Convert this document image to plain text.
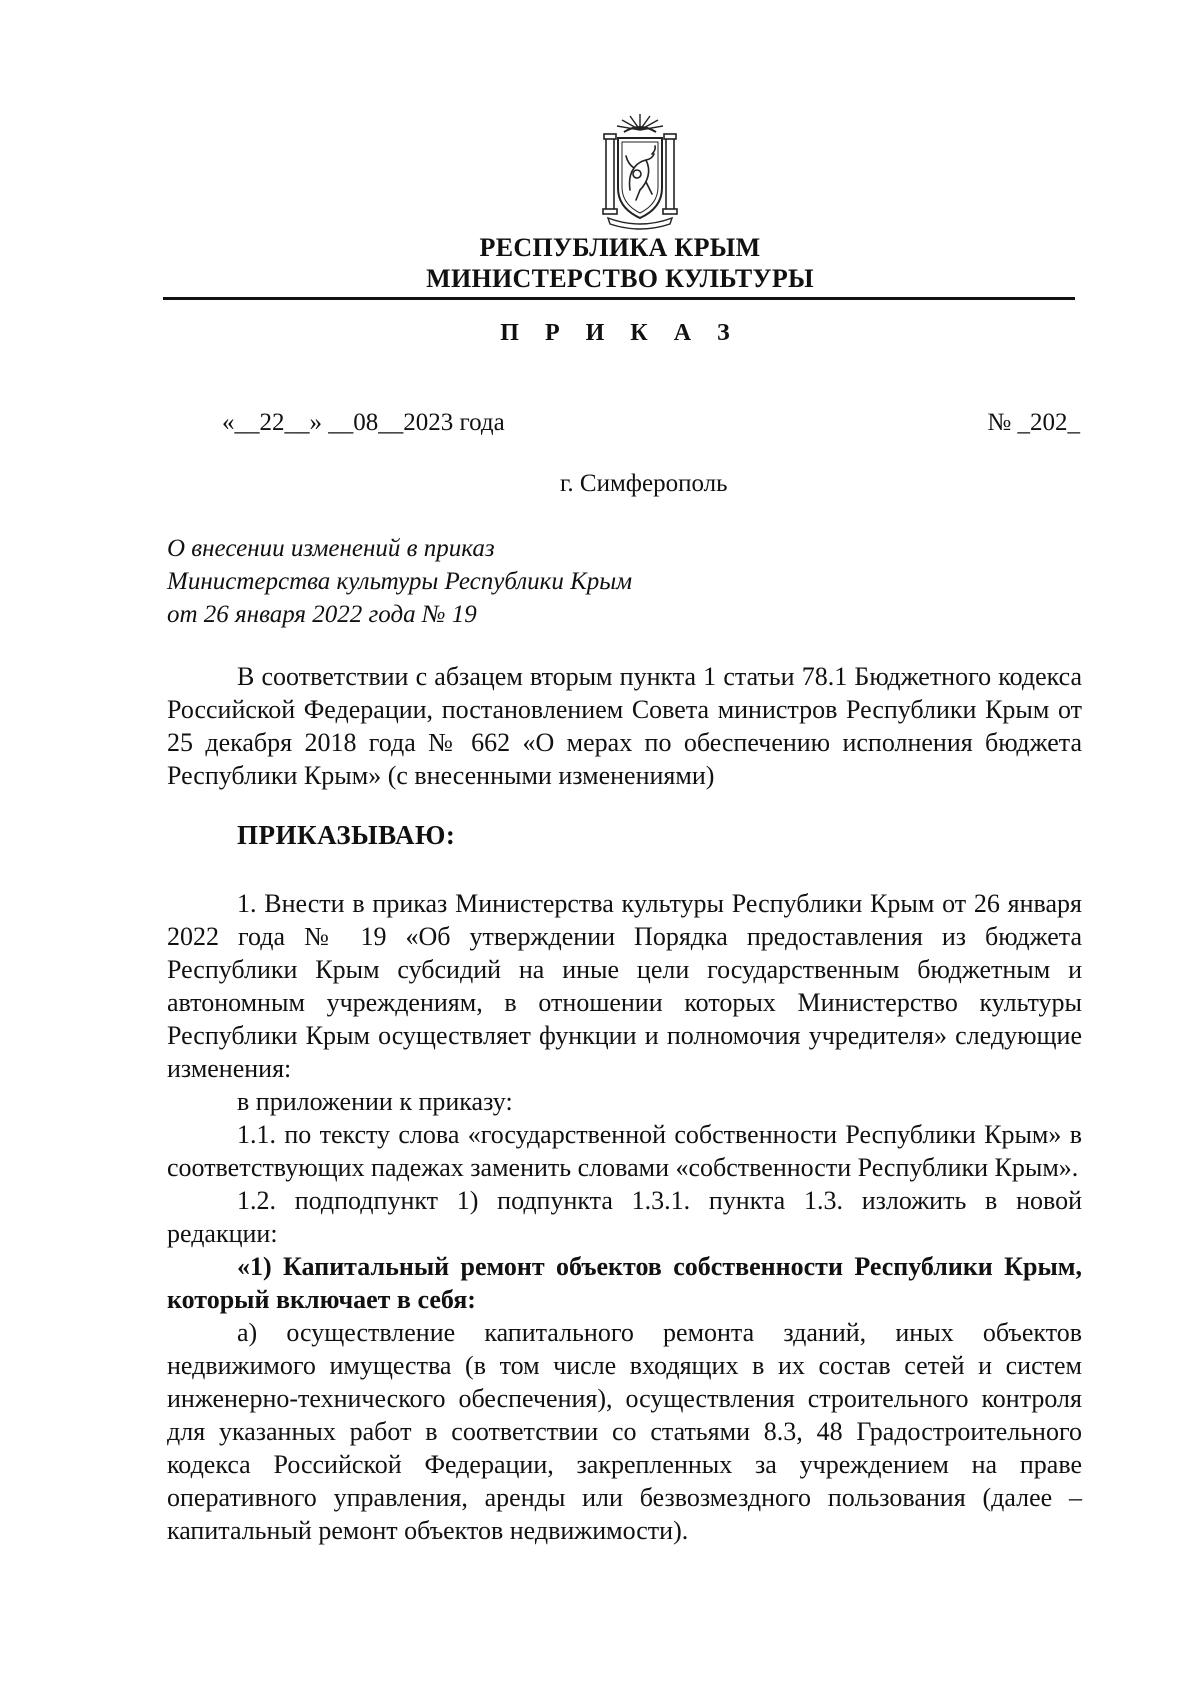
РЕСПУБЛИКА КРЫМ
МИНИСТЕРСТВО КУЛЬТУРЫ
П Р И К А З
«__22__» __08__2023 года	№ _202_
г. Симферополь
О внесении изменений в приказ
Министерства культуры Республики Крым
от 26 января 2022 года № 19

В соответствии с абзацем вторым пункта 1 статьи 78.1 Бюджетного кодекса Российской Федерации, постановлением Совета министров Республики Крым от 25 декабря 2018 года № 662 «О мерах по обеспечению исполнения бюджета Республики Крым» (с внесенными изменениями)

ПРИКАЗЫВАЮ:

1. Внести в приказ Министерства культуры Республики Крым от 26 января 2022 года № 19 «Об утверждении Порядка предоставления из бюджета Республики Крым субсидий на иные цели государственным бюджетным и автономным учреждениям, в отношении которых Министерство культуры Республики Крым осуществляет функции и полномочия учредителя» следующие изменения:

в приложении к приказу:

1.1. по тексту слова «государственной собственности Республики Крым» в соответствующих падежах заменить словами «собственности Республики Крым».

1.2. подподпункт 1) подпункта 1.3.1. пункта 1.3. изложить в новой редакции:

«1) Капитальный ремонт объектов собственности Республики Крым, который включает в себя:

а) осуществление капитального ремонта зданий, иных объектов недвижимого имущества (в том числе входящих в их состав сетей и систем инженерно-технического обеспечения), осуществления строительного контроля для указанных работ в соответствии со статьями 8.3, 48 Градостроительного кодекса Российской Федерации, закрепленных за учреждением на праве оперативного управления, аренды или безвозмездного пользования (далее – капитальный ремонт объектов недвижимости).
